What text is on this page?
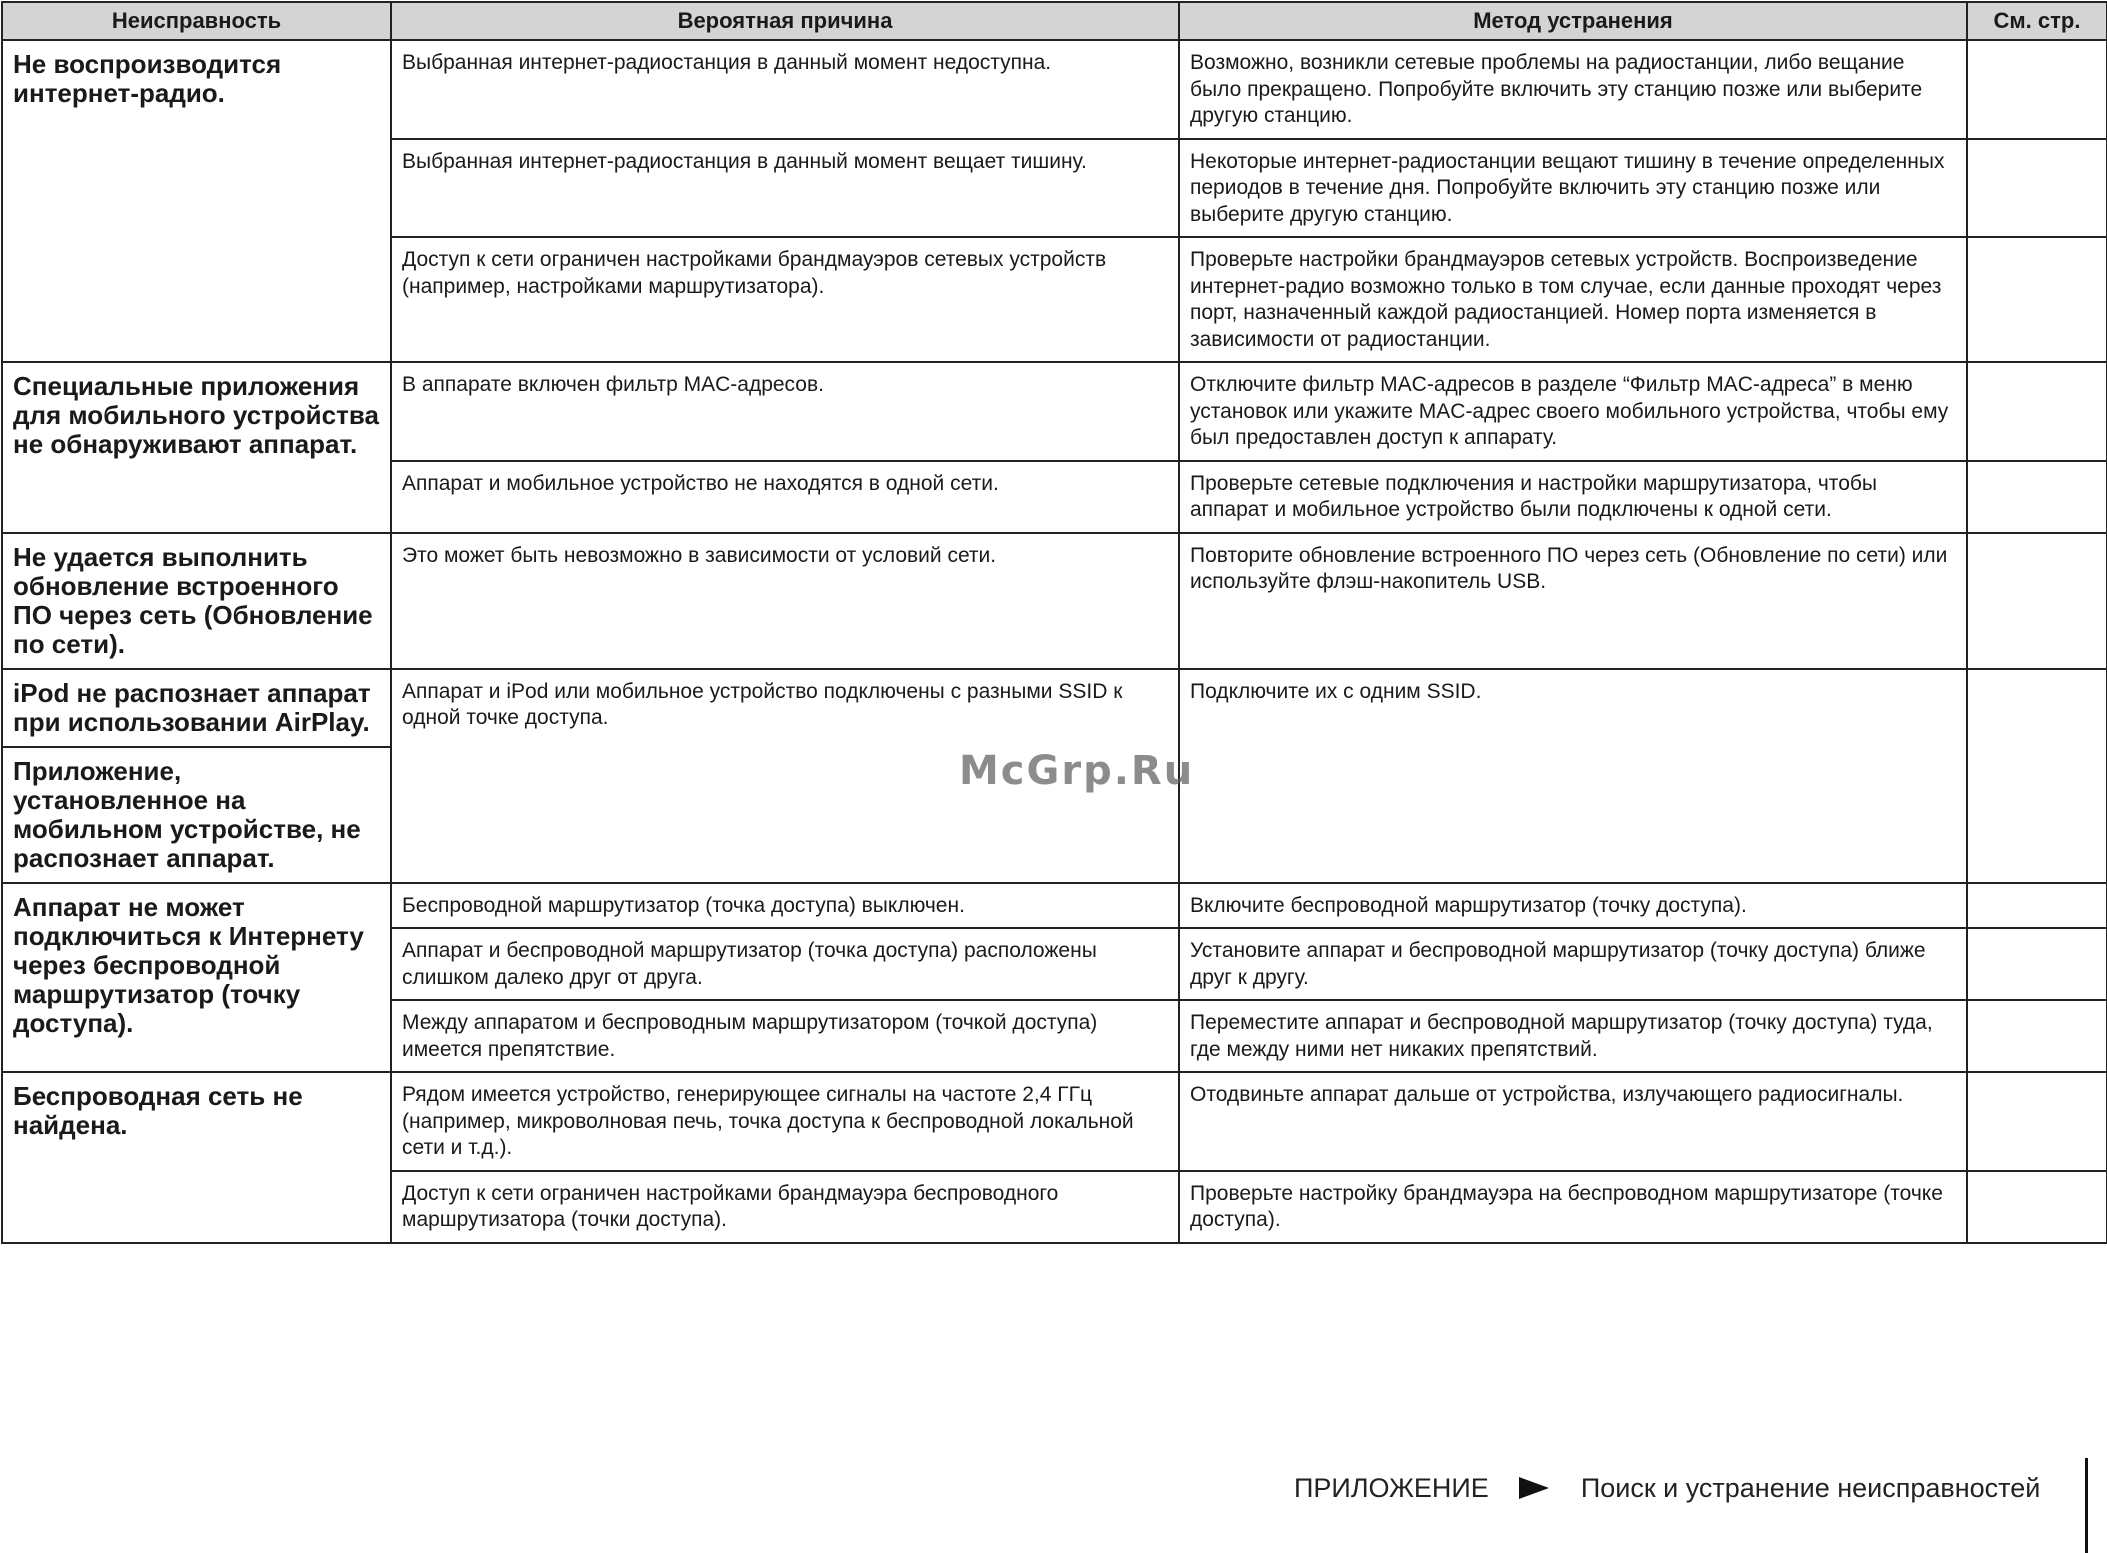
Неисправность	Вероятная причина	Метод устранения	См. стр.
Не воспроизводится интернет-радио.	Выбранная интернет-радиостанция в данный момент недоступна.	Возможно, возникли сетевые проблемы на радиостанции, либо вещание было прекращено. Попробуйте включить эту станцию позже или выберите другую станцию.	
	Выбранная интернет-радиостанция в данный момент вещает тишину.	Некоторые интернет-радиостанции вещают тишину в течение определенных периодов в течение дня. Попробуйте включить эту станцию позже или выберите другую станцию.	
	Доступ к сети ограничен настройками брандмауэров сетевых устройств (например, настройками маршрутизатора).	Проверьте настройки брандмауэров сетевых устройств. Воспроизведение интернет-радио возможно только в том случае, если данные проходят через порт, назначенный каждой радиостанцией. Номер порта изменяется в зависимости от радиостанции.	
Специальные приложения для мобильного устройства не обнаруживают аппарат.	В аппарате включен фильтр MAC-адресов.	Отключите фильтр MAC-адресов в разделе “Фильтр MAC-адреса” в меню установок или укажите MAC-адрес своего мобильного устройства, чтобы ему был предоставлен доступ к аппарату.	
	Аппарат и мобильное устройство не находятся в одной сети.	Проверьте сетевые подключения и настройки маршрутизатора, чтобы аппарат и мобильное устройство были подключены к одной сети.	
Не удается выполнить обновление встроенного ПО через сеть (Обновление по сети).	Это может быть невозможно в зависимости от условий сети.	Повторите обновление встроенного ПО через сеть (Обновление по сети) или используйте флэш-накопитель USB.	
iPod не распознает аппарат при использовании AirPlay.	Аппарат и iPod или мобильное устройство подключены с разными SSID к одной точке доступа.	Подключите их с одним SSID.	
Приложение, установленное на мобильном устройстве, не распознает аппарат.			
Аппарат не может подключиться к Интернету через беспроводной маршрутизатор (точку доступа).	Беспроводной маршрутизатор (точка доступа) выключен.	Включите беспроводной маршрутизатор (точку доступа).	
	Аппарат и беспроводной маршрутизатор (точка доступа) расположены слишком далеко друг от друга.	Установите аппарат и беспроводной маршрутизатор (точку доступа) ближе друг к другу.	
	Между аппаратом и беспроводным маршрутизатором (точкой доступа) имеется препятствие.	Переместите аппарат и беспроводной маршрутизатор (точку доступа) туда, где между ними нет никаких препятствий.	
Беспроводная сеть не найдена.	Рядом имеется устройство, генерирующее сигналы на частоте 2,4 ГГц (например, микроволновая печь, точка доступа к беспроводной локальной сети и т.д.).	Отодвиньте аппарат дальше от устройства, излучающего радиосигналы.	
	Доступ к сети ограничен настройками брандмауэра беспроводного маршрутизатора (точки доступа).	Проверьте настройку брандмауэра на беспроводном маршрутизаторе (точке доступа).	
McGrp.Ru
ПРИЛОЖЕНИЕ	Поиск и устранение неисправностей
